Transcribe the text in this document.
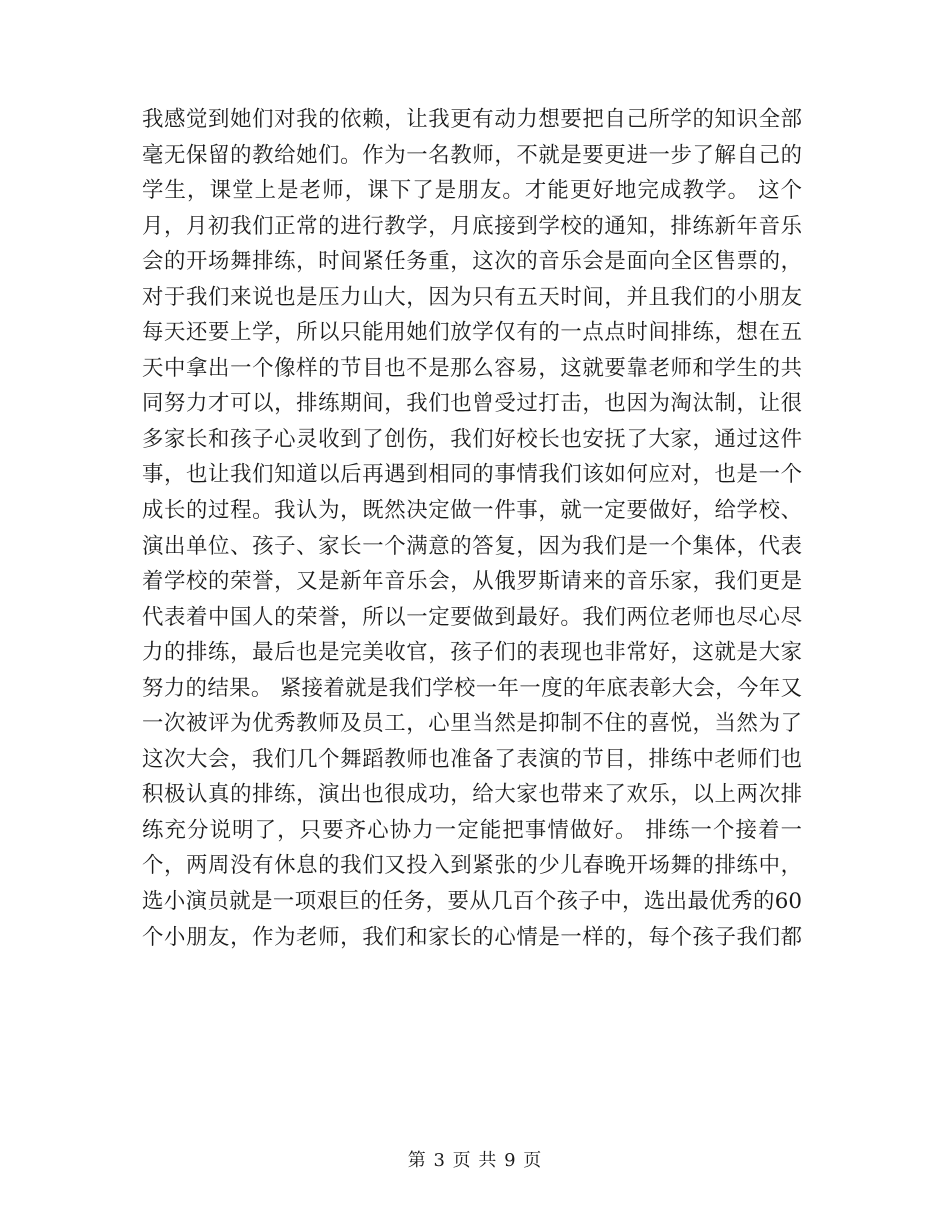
我感觉到她们对我的依赖，让我更有动力想要把自己所学的知识全部
毫无保留的教给她们。作为一名教师，不就是要更进一步了解自己的
学生，课堂上是老师，课下了是朋友。才能更好地完成教学。 这个
月，月初我们正常的进行教学，月底接到学校的通知，排练新年音乐
会的开场舞排练，时间紧任务重，这次的音乐会是面向全区售票的，
对于我们来说也是压力山大，因为只有五天时间，并且我们的小朋友
每天还要上学，所以只能用她们放学仅有的一点点时间排练，想在五
天中拿出一个像样的节目也不是那么容易，这就要靠老师和学生的共
同努力才可以，排练期间，我们也曾受过打击，也因为淘汰制，让很
多家长和孩子心灵收到了创伤，我们好校长也安抚了大家，通过这件
事，也让我们知道以后再遇到相同的事情我们该如何应对，也是一个
成长的过程。我认为，既然决定做一件事，就一定要做好，给学校、
演出单位、孩子、家长一个满意的答复，因为我们是一个集体，代表
着学校的荣誉，又是新年音乐会，从俄罗斯请来的音乐家，我们更是
代表着中国人的荣誉，所以一定要做到最好。我们两位老师也尽心尽
力的排练，最后也是完美收官，孩子们的表现也非常好，这就是大家
努力的结果。 紧接着就是我们学校一年一度的年底表彰大会，今年又
一次被评为优秀教师及员工，心里当然是抑制不住的喜悦，当然为了
这次大会，我们几个舞蹈教师也准备了表演的节目，排练中老师们也
积极认真的排练，演出也很成功，给大家也带来了欢乐，以上两次排
练充分说明了，只要齐心协力一定能把事情做好。 排练一个接着一
个，两周没有休息的我们又投入到紧张的少儿春晚开场舞的排练中，
选小演员就是一项艰巨的任务，要从几百个孩子中，选出最优秀的60
个小朋友，作为老师，我们和家长的心情是一样的，每个孩子我们都
第 3 页 共 9 页
